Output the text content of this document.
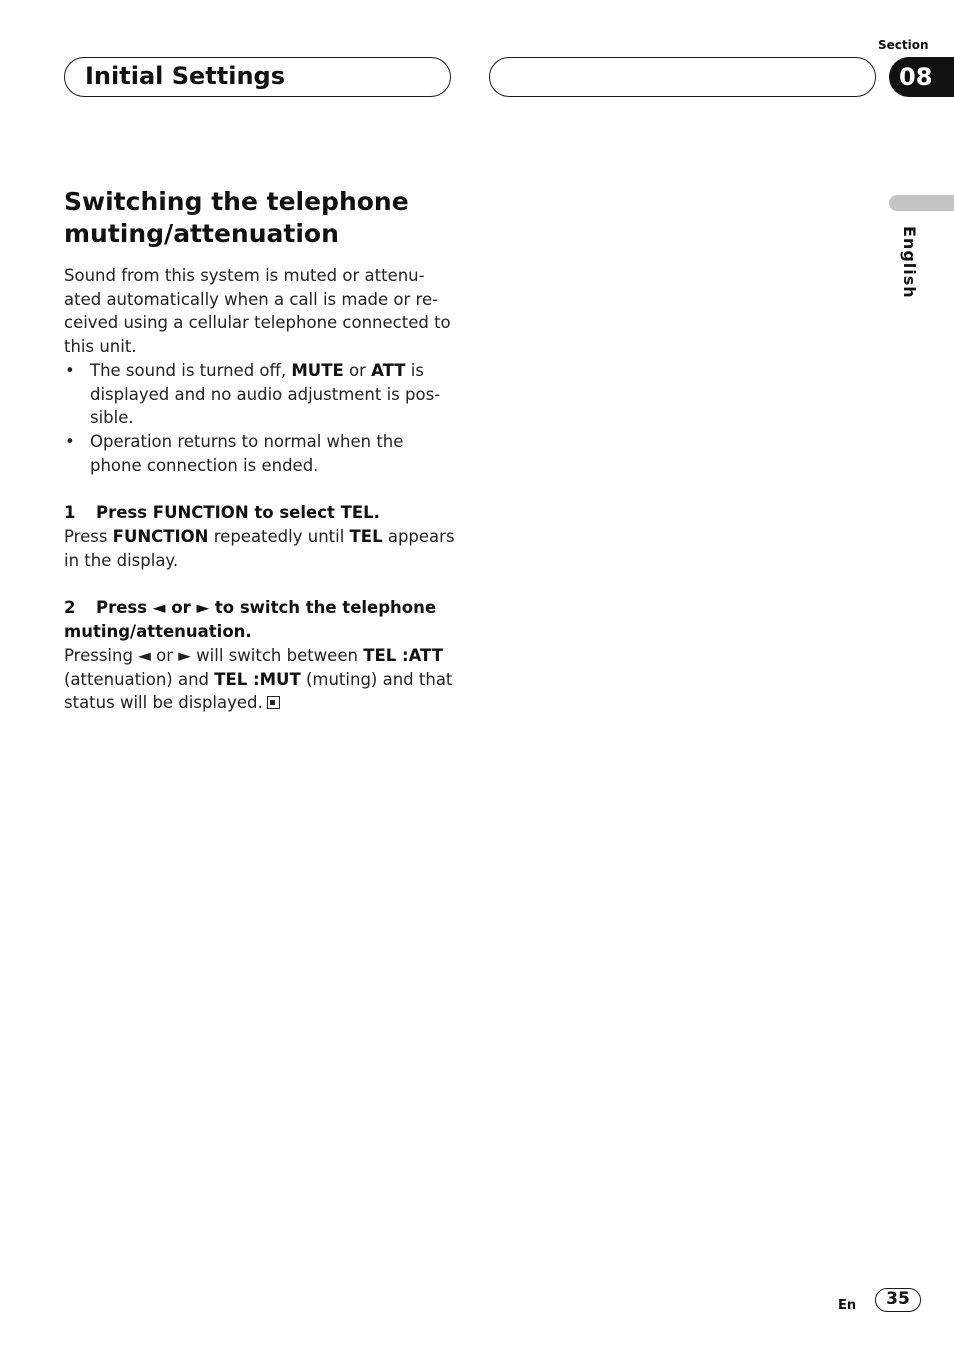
Initial Settings
Section
08
English
Switching the telephone muting/attenuation

Sound from this system is muted or attenu-ated automatically when a call is made or re-ceived using a cellular telephone connected to this unit.

• The sound is turned off, MUTE or ATT is displayed and no audio adjustment is pos-sible.
• Operation returns to normal when the phone connection is ended.

1 Press FUNCTION to select TEL.

Press FUNCTION repeatedly until TEL appears in the display.

2 Press ◄ or ► to switch the telephone muting/attenuation.

Pressing ◄ or ► will switch between TEL :ATT (attenuation) and TEL :MUT (muting) and that status will be displayed.

En	35
